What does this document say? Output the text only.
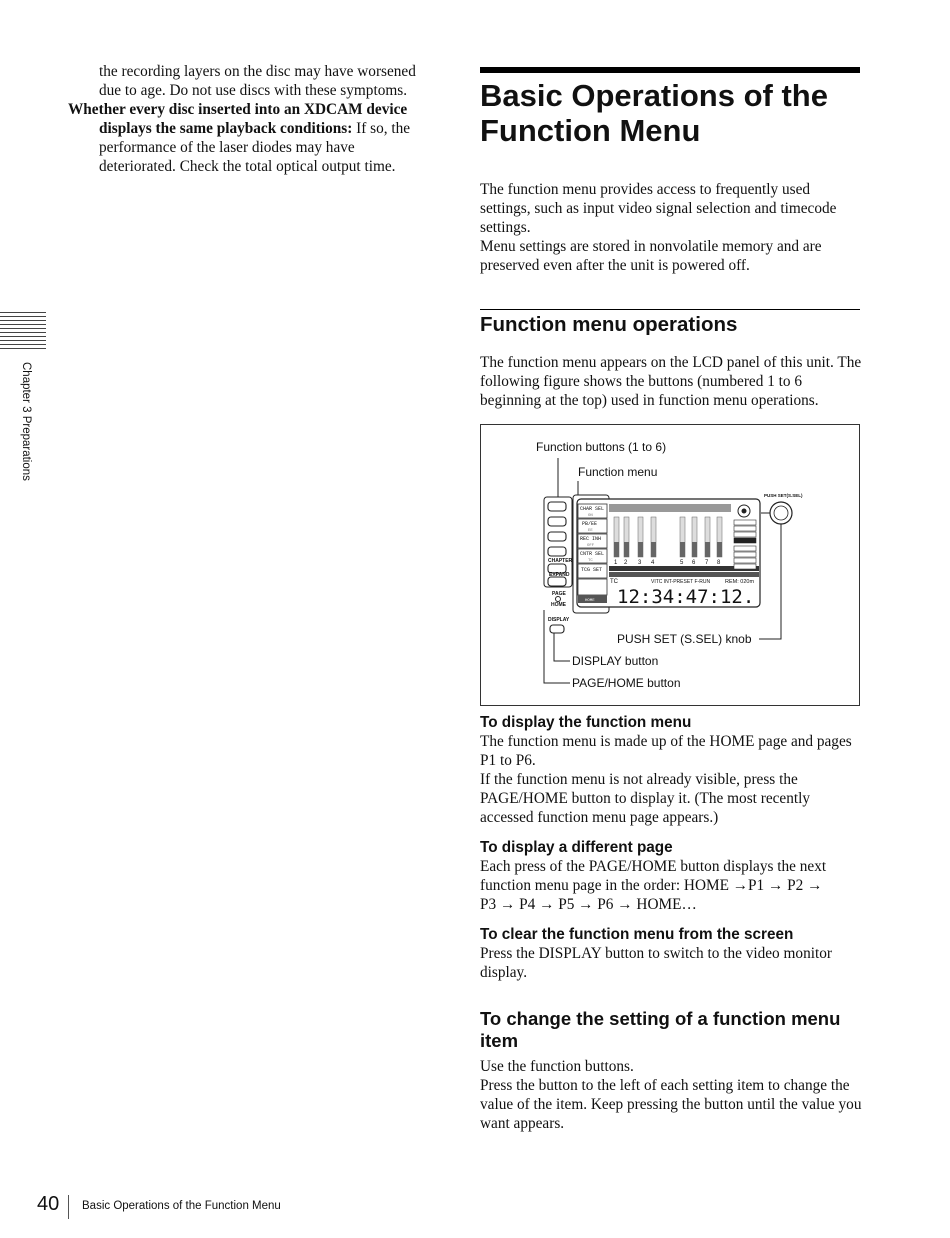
the recording layers on the disc may have worsened

due to age. Do not use discs with these symptoms.

Whether every disc inserted into an XDCAM device

displays the same playback conditions: If so, the

performance of the laser diodes may have

deteriorated. Check the total optical output time.

Chapter 3 Preparations
Basic Operations of the Function Menu

The function menu provides access to frequently used settings, such as input video signal selection and timecode settings.

Menu settings are stored in nonvolatile memory and are preserved even after the unit is powered off.

Function menu operations

The function menu appears on the LCD panel of this unit. The following figure shows the buttons (numbered 1 to 6 beginning at the top) used in function menu operations.

Function buttons (1 to 6)
Function menu
PUSH SET (S.SEL) knob
DISPLAY button
PAGE/HOME button
CHAPTER
EXPAND
PAGE
HOME
DISPLAY
CHAR SEL
ON
PB/EE
EE
REC INH
OFF
CNTR SEL
TC
TCG SET
HOME
1 2 3 4	5 6 7 8
TC	VITC INT-PRESET F-RUN	REM: 020m
12:34:47:12.
PUSH SET(S.SEL)
To display the function menu

The function menu is made up of the HOME page and pages P1 to P6.

If the function menu is not already visible, press the PAGE/HOME button to display it. (The most recently accessed function menu page appears.)

To display a different page

Each press of the PAGE/HOME button displays the next

function menu page in the order: HOME →P1 → P2 →

P3 → P4 → P5 → P6 → HOME…

To clear the function menu from the screen

Press the DISPLAY button to switch to the video monitor display.

To change the setting of a function menu item

Use the function buttons.

Press the button to the left of each setting item to change the value of the item. Keep pressing the button until the value you want appears.

40 Basic Operations of the Function Menu
